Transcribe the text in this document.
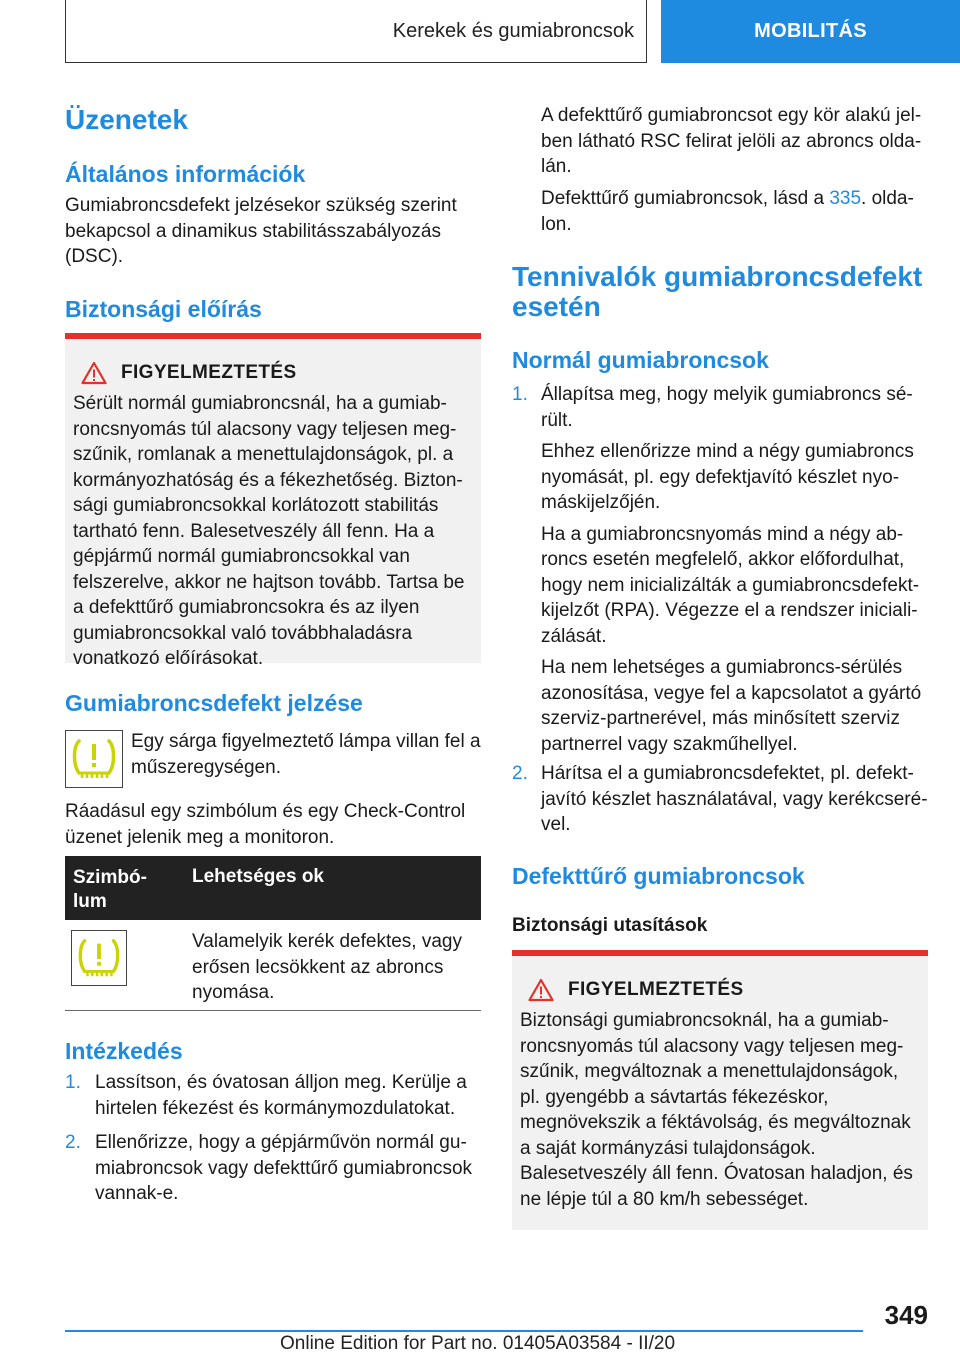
Kerekek és gumiabroncsok	MOBILITÁS
Üzenetek
Általános információk
Gumiabroncsdefekt jelzésekor szükség szerint bekapcsol a dinamikus stabilitásszabályozás (DSC).
Biztonsági előírás
FIGYELMEZTETÉS
Sérült normál gumiabroncsnál, ha a gumiabroncsnyomás túl alacsony vagy teljesen megszűnik, romlanak a menettulajdonságok, pl. a kormányozhatóság és a fékezhetőség. Biztonsági gumiabroncsokkal korlátozott stabilitás tartható fenn. Balesetveszély áll fenn. Ha a gépjármű normál gumiabroncsokkal van felszerelve, akkor ne hajtson tovább. Tartsa be a defekttűrő gumiabroncsokra és az ilyen gumiabroncsokkal való továbbhaladásra vonatkozó előírásokat.
Gumiabroncsdefekt jelzése
Egy sárga figyelmeztető lámpa villan fel a műszeregységen.
Ráadásul egy szimbólum és egy Check-Control üzenet jelenik meg a monitoron.
Szimbólum
Lehetséges ok
Valamelyik kerék defektes, vagy erősen lecsökkent az abroncs nyomása.
Intézkedés
1. Lassítson, és óvatosan álljon meg. Kerülje a hirtelen fékezést és kormánymozdulatokat.
2. Ellenőrizze, hogy a gépjárművön normál gumiabroncsok vagy defekttűrő gumiabroncsok vannak-e.
A defekttűrő gumiabroncsot egy kör alakú jelben látható RSC felirat jelöli az abroncs oldalán.
Defekttűrő gumiabroncsok, lásd a 335. oldalon.
Tennivalók gumiabroncsdefekt esetén
Normál gumiabroncsok
1. Állapítsa meg, hogy melyik gumiabroncs sérült.
Ehhez ellenőrizze mind a négy gumiabroncs nyomását, pl. egy defektjavító készlet nyomáskijelzőjén.
Ha a gumiabroncsnyomás mind a négy abroncs esetén megfelelő, akkor előfordulhat, hogy nem inicializálták a gumiabroncsdefektkijelzőt (RPA). Végezze el a rendszer inicializálását.
Ha nem lehetséges a gumiabroncs-sérülés azonosítása, vegye fel a kapcsolatot a gyártó szerviz-partnerével, más minősített szerviz partnerrel vagy szakműhellyel.
2. Hárítsa el a gumiabroncsdefektet, pl. defektjavító készlet használatával, vagy kerékcserével.
Defekttűrő gumiabroncsok
Biztonsági utasítások
FIGYELMEZTETÉS
Biztonsági gumiabroncsoknál, ha a gumiabroncsnyomás túl alacsony vagy teljesen megszűnik, megváltoznak a menettulajdonságok, pl. gyengébb a sávtartás fékezéskor, megnövekszik a féktávolság, és megváltoznak a saját kormányzási tulajdonságok. Balesetveszély áll fenn. Óvatosan haladjon, és ne lépje túl a 80 km/h sebességet.
349
Online Edition for Part no. 01405A03584 - II/20
